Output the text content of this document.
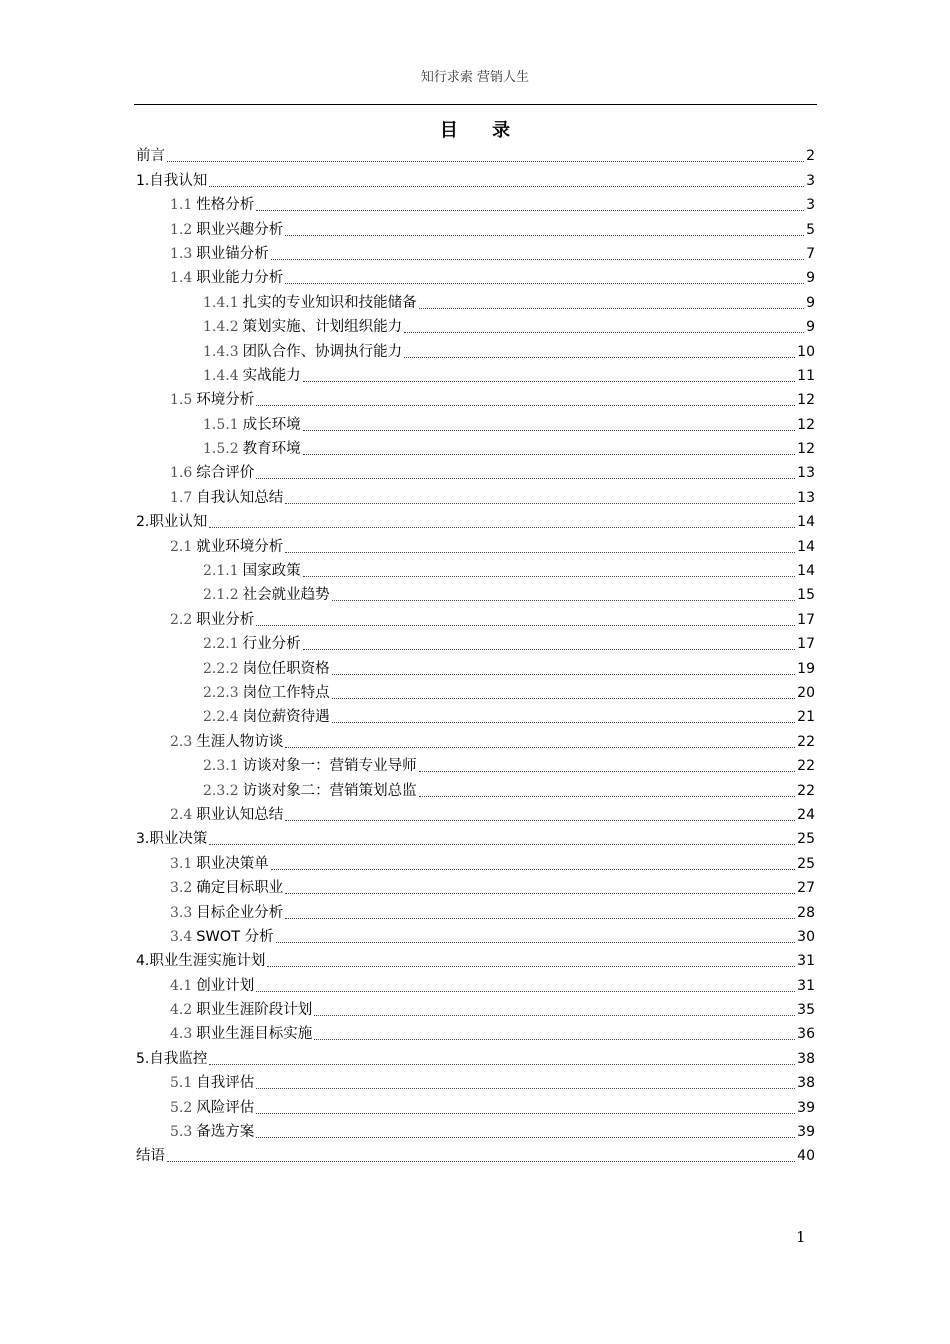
知行求索 营销人生
目 录
前言	2
1. 自我认知	3
1.1 性格分析	3
1.2 职业兴趣分析	5
1.3 职业锚分析	7
1.4 职业能力分析	9
1.4.1 扎实的专业知识和技能储备	9
1.4.2 策划实施、计划组织能力	9
1.4.3 团队合作、协调执行能力	10
1.4.4 实战能力	11
1.5 环境分析	12
1.5.1 成长环境	12
1.5.2 教育环境	12
1.6 综合评价	13
1.7 自我认知总结	13
2. 职业认知	14
2.1 就业环境分析	14
2.1.1 国家政策	14
2.1.2 社会就业趋势	15
2.2 职业分析	17
2.2.1 行业分析	17
2.2.2 岗位任职资格	19
2.2.3 岗位工作特点	20
2.2.4 岗位薪资待遇	21
2.3 生涯人物访谈	22
2.3.1 访谈对象一：营销专业导师	22
2.3.2 访谈对象二：营销策划总监	22
2.4 职业认知总结	24
3. 职业决策	25
3.1 职业决策单	25
3.2 确定目标职业	27
3.3 目标企业分析	28
3.4 SWOT 分析	30
4. 职业生涯实施计划	31
4.1 创业计划	31
4.2 职业生涯阶段计划	35
4.3 职业生涯目标实施	36
5. 自我监控	38
5.1 自我评估	38
5.2 风险评估	39
5.3 备选方案	39
结语	40
1
